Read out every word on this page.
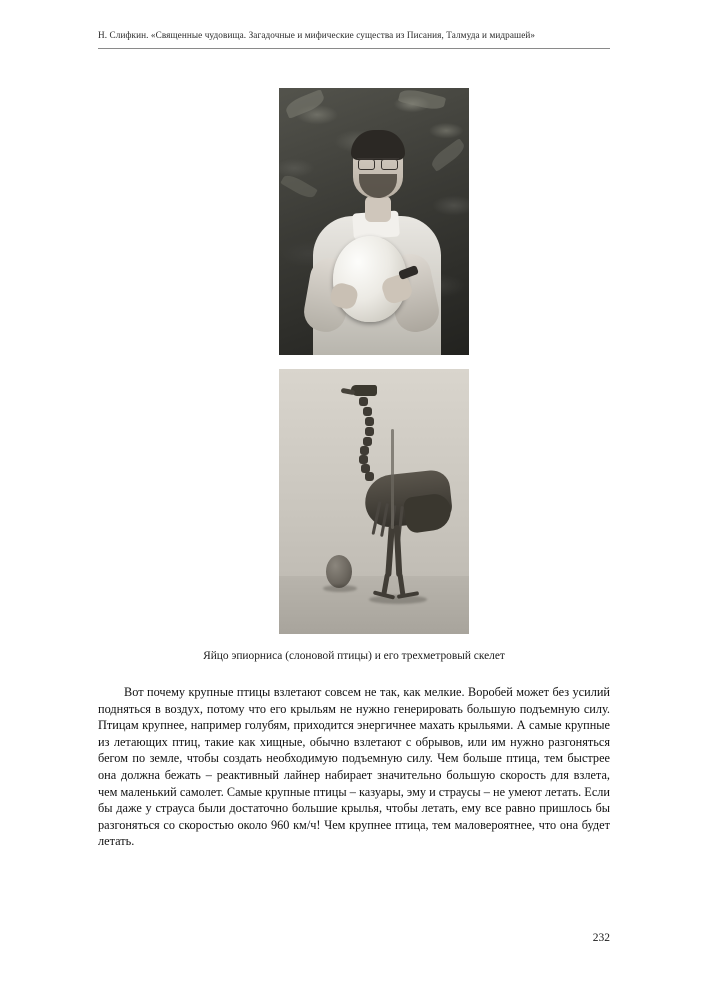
Н. Слифкин. «Священные чудовища. Загадочные и мифические существа из Писания, Талмуда и мидрашей»
Яйцо эпиорниса (слоновой птицы) и его трехметровый скелет
Вот почему крупные птицы взлетают совсем не так, как мелкие. Воробей может без усилий подняться в воздух, потому что его крыльям не нужно генерировать большую подъемную силу. Птицам крупнее, например голубям, приходится энергичнее махать крыльями. А самые крупные из летающих птиц, такие как хищные, обычно взлетают с обрывов, или им нужно разгоняться бегом по земле, чтобы создать необходимую подъемную силу. Чем больше птица, тем быстрее она должна бежать – реактивный лайнер набирает значительно большую скорость для взлета, чем маленький самолет. Самые крупные птицы – казуары, эму и страусы – не умеют летать. Если бы даже у страуса были достаточно большие крылья, чтобы летать, ему все равно пришлось бы разгоняться со скоростью около 960 км/ч! Чем крупнее птица, тем маловероятнее, что она будет летать.
232
